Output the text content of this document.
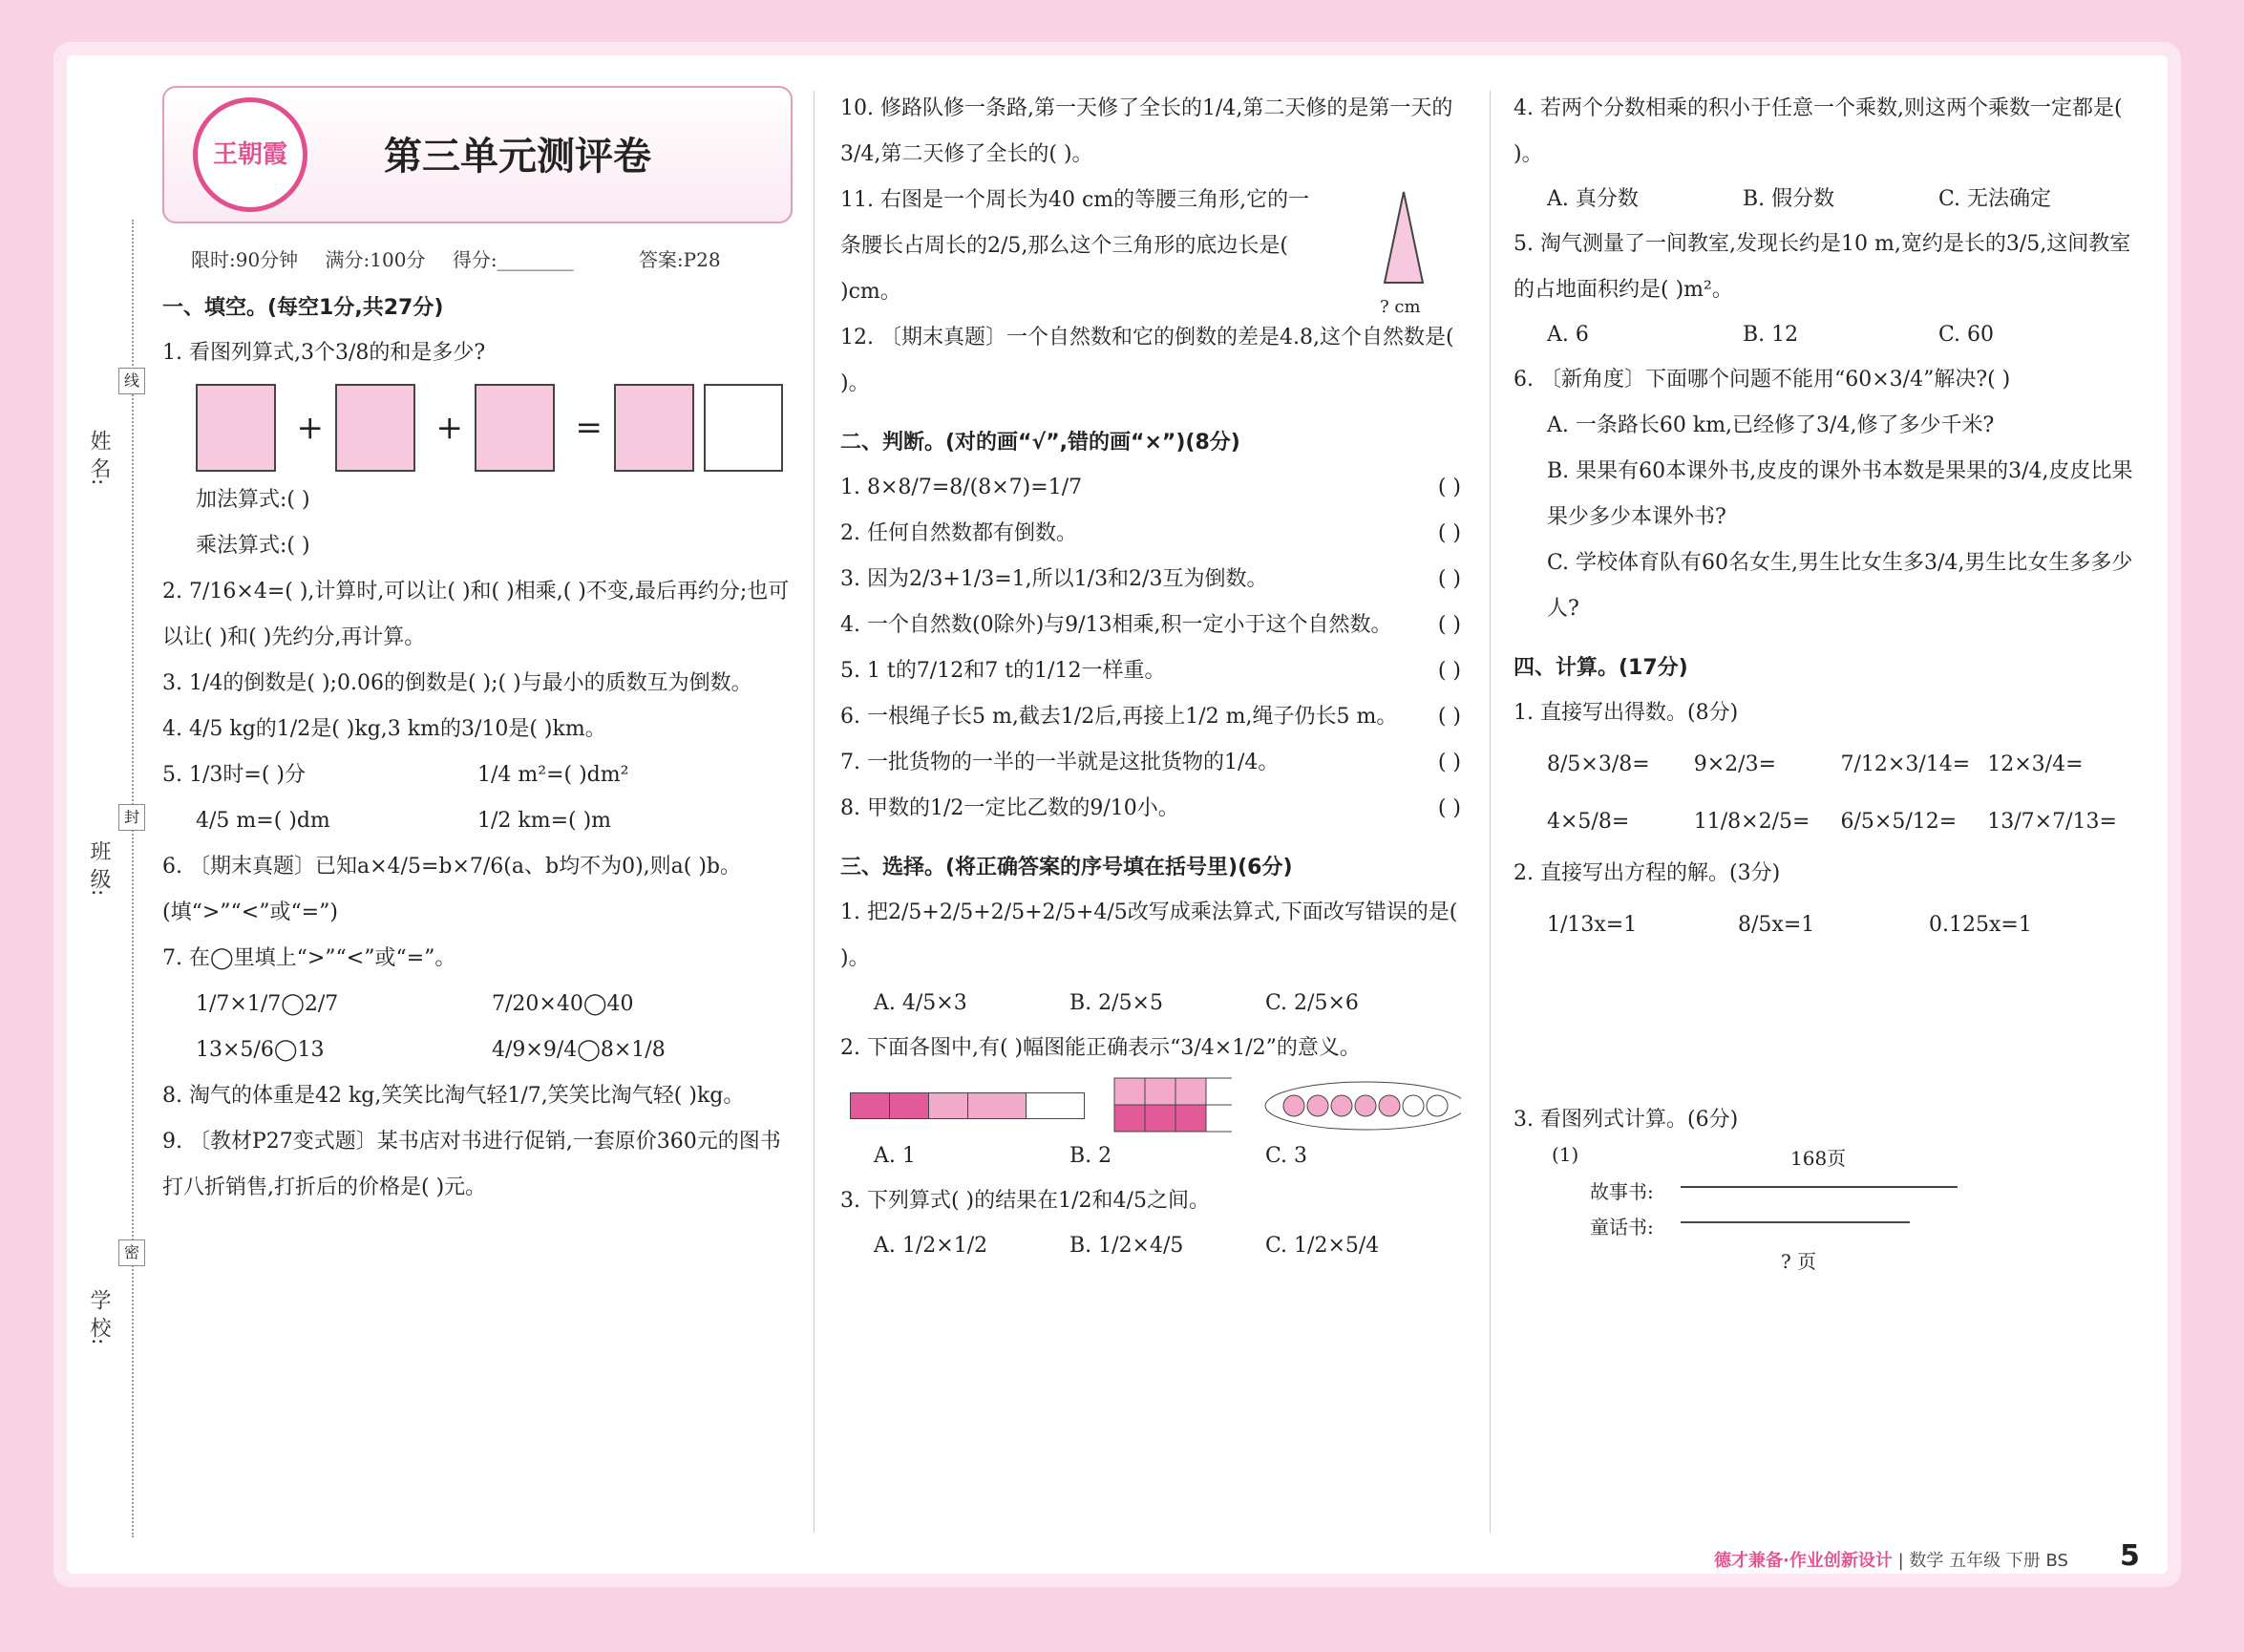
姓 名:
班 级:
学 校:
线
封
密
王朝霞	第三单元测评卷
限时:90分钟 满分:100分 得分:________	答案:P28
一、填空。(每空1分,共27分)
1. 看图列算式,3个3/8的和是多少?
+	+	=
加法算式:( )
乘法算式:( )
2. 7/16×4=( ),计算时,可以让( )和( )相乘,( )不变,最后再约分;也可以让( )和( )先约分,再计算。
3. 1/4的倒数是( );0.06的倒数是( );( )与最小的质数互为倒数。
4. 4/5 kg的1/2是( )kg,3 km的3/10是( )km。
5. 1/3时=( )分	1/4 m²=( )dm²
4/5 m=( )dm	1/2 km=( )m
6. 〔期末真题〕已知a×4/5=b×7/6(a、b均不为0),则a( )b。(填“>”“<”或“=”)
7. 在◯里填上“>”“<”或“=”。
1/7×1/7◯2/7	7/20×40◯40
13×5/6◯13	4/9×9/4◯8×1/8
8. 淘气的体重是42 kg,笑笑比淘气轻1/7,笑笑比淘气轻( )kg。
9. 〔教材P27变式题〕某书店对书进行促销,一套原价360元的图书打八折销售,打折后的价格是( )元。
10. 修路队修一条路,第一天修了全长的1/4,第二天修的是第一天的3/4,第二天修了全长的( )。
11. 右图是一个周长为40 cm的等腰三角形,它的一条腰长占周长的2/5,那么这个三角形的底边长是( )cm。
? cm
12. 〔期末真题〕一个自然数和它的倒数的差是4.8,这个自然数是( )。
二、判断。(对的画“√”,错的画“×”)(8分)
1. 8×8/7=8/(8×7)=1/7	( )
2. 任何自然数都有倒数。	( )
3. 因为2/3+1/3=1,所以1/3和2/3互为倒数。	( )
4. 一个自然数(0除外)与9/13相乘,积一定小于这个自然数。 ( )
5. 1 t的7/12和7 t的1/12一样重。	( )
6. 一根绳子长5 m,截去1/2后,再接上1/2 m,绳子仍长5 m。 ( )
7. 一批货物的一半的一半就是这批货物的1/4。	( )
8. 甲数的1/2一定比乙数的9/10小。	( )
三、选择。(将正确答案的序号填在括号里)(6分)
1. 把2/5+2/5+2/5+2/5+4/5改写成乘法算式,下面改写错误的是( )。
A. 4/5×3	B. 2/5×5	C. 2/5×6
2. 下面各图中,有( )幅图能正确表示“3/4×1/2”的意义。
A. 1	B. 2	C. 3
3. 下列算式( )的结果在1/2和4/5之间。
A. 1/2×1/2	B. 1/2×4/5	C. 1/2×5/4
4. 若两个分数相乘的积小于任意一个乘数,则这两个乘数一定都是( )。
A. 真分数	B. 假分数	C. 无法确定
5. 淘气测量了一间教室,发现长约是10 m,宽约是长的3/5,这间教室的占地面积约是( )m²。
A. 6	B. 12	C. 60
6. 〔新角度〕下面哪个问题不能用“60×3/4”解决?( )
A. 一条路长60 km,已经修了3/4,修了多少千米?
B. 果果有60本课外书,皮皮的课外书本数是果果的3/4,皮皮比果果少多少本课外书?
C. 学校体育队有60名女生,男生比女生多3/4,男生比女生多多少人?
四、计算。(17分)
1. 直接写出得数。(8分)
8/5×3/8=	9×2/3=	7/12×3/14= 12×3/4=
4×5/8=	11/8×2/5=	6/5×5/12=	13/7×7/13=
2. 直接写出方程的解。(3分)
1/13x=1	8/5x=1	0.125x=1
3. 看图列式计算。(6分)
(1)	168页
故事书:
童话书:
? 页
德才兼备·作业创新设计 | 数学 五年级 下册 BS 5
